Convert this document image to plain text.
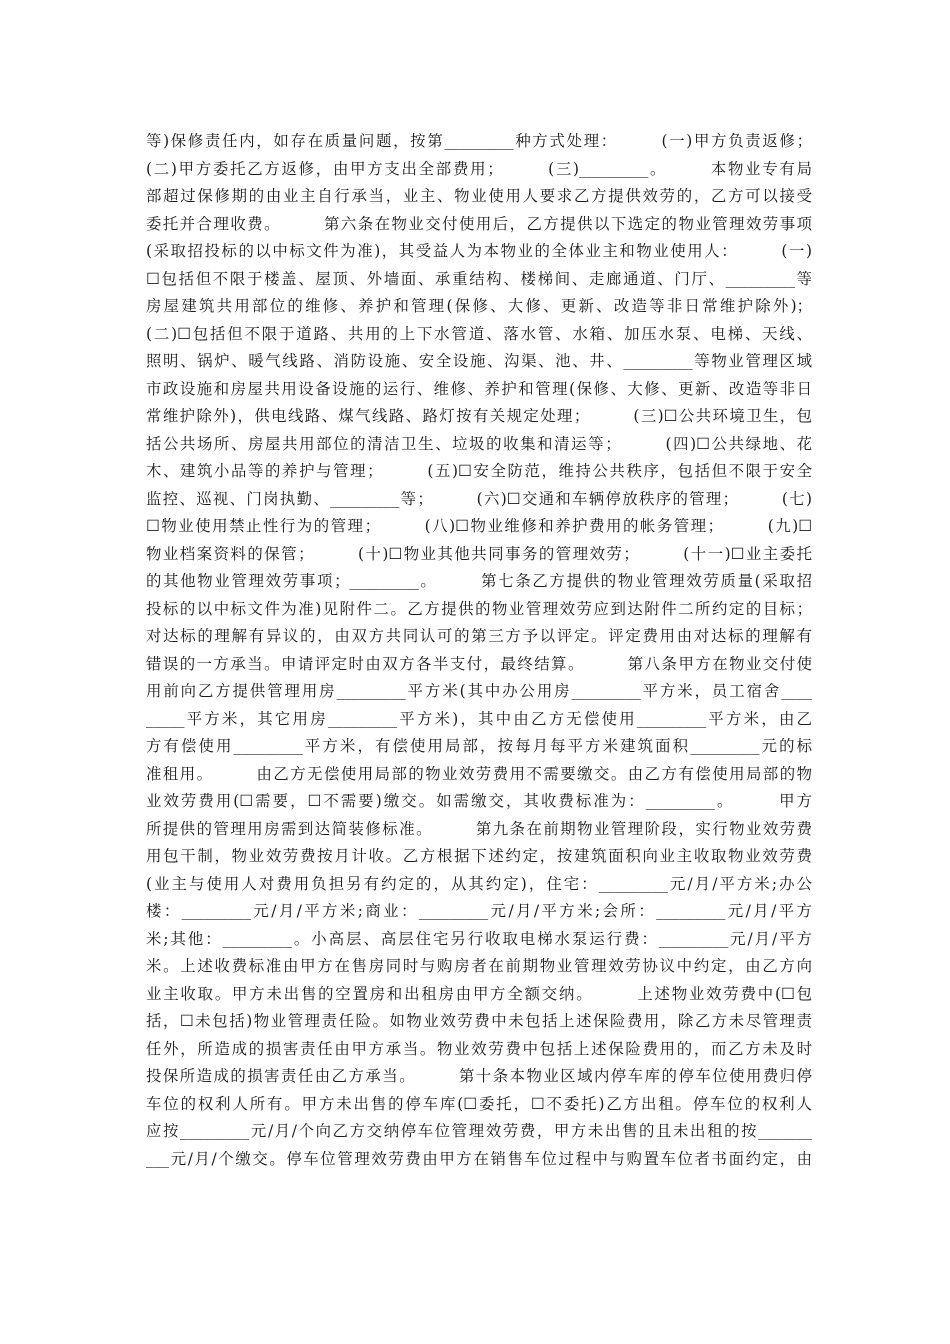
等)保修责任内，如存在质量问题，按第_________种方式处理：　　　(一)甲方负责返修；
(二)甲方委托乙方返修，由甲方支出全部费用；　　　(三)_________。　　　本物业专有局
部超过保修期的由业主自行承当，业主、物业使用人要求乙方提供效劳的，乙方可以接受
委托并合理收费。　　　第六条在物业交付使用后，乙方提供以下选定的物业管理效劳事项
(采取招投标的以中标文件为准)，其受益人为本物业的全体业主和物业使用人：　　　(一)
☐包括但不限于楼盖、屋顶、外墙面、承重结构、楼梯间、走廊通道、门厅、_________等
房屋建筑共用部位的维修、养护和管理(保修、大修、更新、改造等非日常维护除外)；
(二)☐包括但不限于道路、共用的上下水管道、落水管、水箱、加压水泵、电梯、天线、
照明、锅炉、暖气线路、消防设施、安全设施、沟渠、池、井、_________等物业管理区域
市政设施和房屋共用设备设施的运行、维修、养护和管理(保修、大修、更新、改造等非日
常维护除外)，供电线路、煤气线路、路灯按有关规定处理；　　　(三)☐公共环境卫生，包
括公共场所、房屋共用部位的清洁卫生、垃圾的收集和清运等；　　　(四)☐公共绿地、花
木、建筑小品等的养护与管理；　　　(五)☐安全防范，维持公共秩序，包括但不限于安全
监控、巡视、门岗执勤、_________等；　　　(六)☐交通和车辆停放秩序的管理；　　　(七)
☐物业使用禁止性行为的管理；　　　(八)☐物业维修和养护费用的帐务管理；　　　(九)☐
物业档案资料的保管；　　　(十)☐物业其他共同事务的管理效劳；　　　(十一)☐业主委托
的其他物业管理效劳事项；_________。　　　第七条乙方提供的物业管理效劳质量(采取招
投标的以中标文件为准)见附件二。乙方提供的物业管理效劳应到达附件二所约定的目标；
对达标的理解有异议的，由双方共同认可的第三方予以评定。评定费用由对达标的理解有
错误的一方承当。申请评定时由双方各半支付，最终结算。　　　第八条甲方在物业交付使
用前向乙方提供管理用房_________平方米(其中办公用房_________平方米，员工宿舍____
_____平方米，其它用房_________平方米)，其中由乙方无偿使用_________平方米，由乙
方有偿使用_________平方米，有偿使用局部，按每月每平方米建筑面积_________元的标
准租用。　　　由乙方无偿使用局部的物业效劳费用不需要缴交。由乙方有偿使用局部的物
业效劳费用(☐需要，☐不需要)缴交。如需缴交，其收费标准为：_________。　　　甲方
所提供的管理用房需到达简装修标准。　　　第九条在前期物业管理阶段，实行物业效劳费
用包干制，物业效劳费按月计收。乙方根据下述约定，按建筑面积向业主收取物业效劳费
(业主与使用人对费用负担另有约定的，从其约定)，住宅：_________元/月/平方米;办公
楼：_________元/月/平方米;商业：_________元/月/平方米;会所：_________元/月/平方
米;其他：_________。小高层、高层住宅另行收取电梯水泵运行费：_________元/月/平方
米。上述收费标准由甲方在售房同时与购房者在前期物业管理效劳协议中约定，由乙方向
业主收取。甲方未出售的空置房和出租房由甲方全额交纳。　　　上述物业效劳费中(☐包
括，☐未包括)物业管理责任险。如物业效劳费中未包括上述保险费用，除乙方未尽管理责
任外，所造成的损害责任由甲方承当。物业效劳费中包括上述保险费用的，而乙方未及时
投保所造成的损害责任由乙方承当。　　　第十条本物业区域内停车库的停车位使用费归停
车位的权利人所有。甲方未出售的停车库(☐委托，☐不委托)乙方出租。停车位的权利人
应按_________元/月/个向乙方交纳停车位管理效劳费，甲方未出售的且未出租的按_______
___元/月/个缴交。停车位管理效劳费由甲方在销售车位过程中与购置车位者书面约定，由
